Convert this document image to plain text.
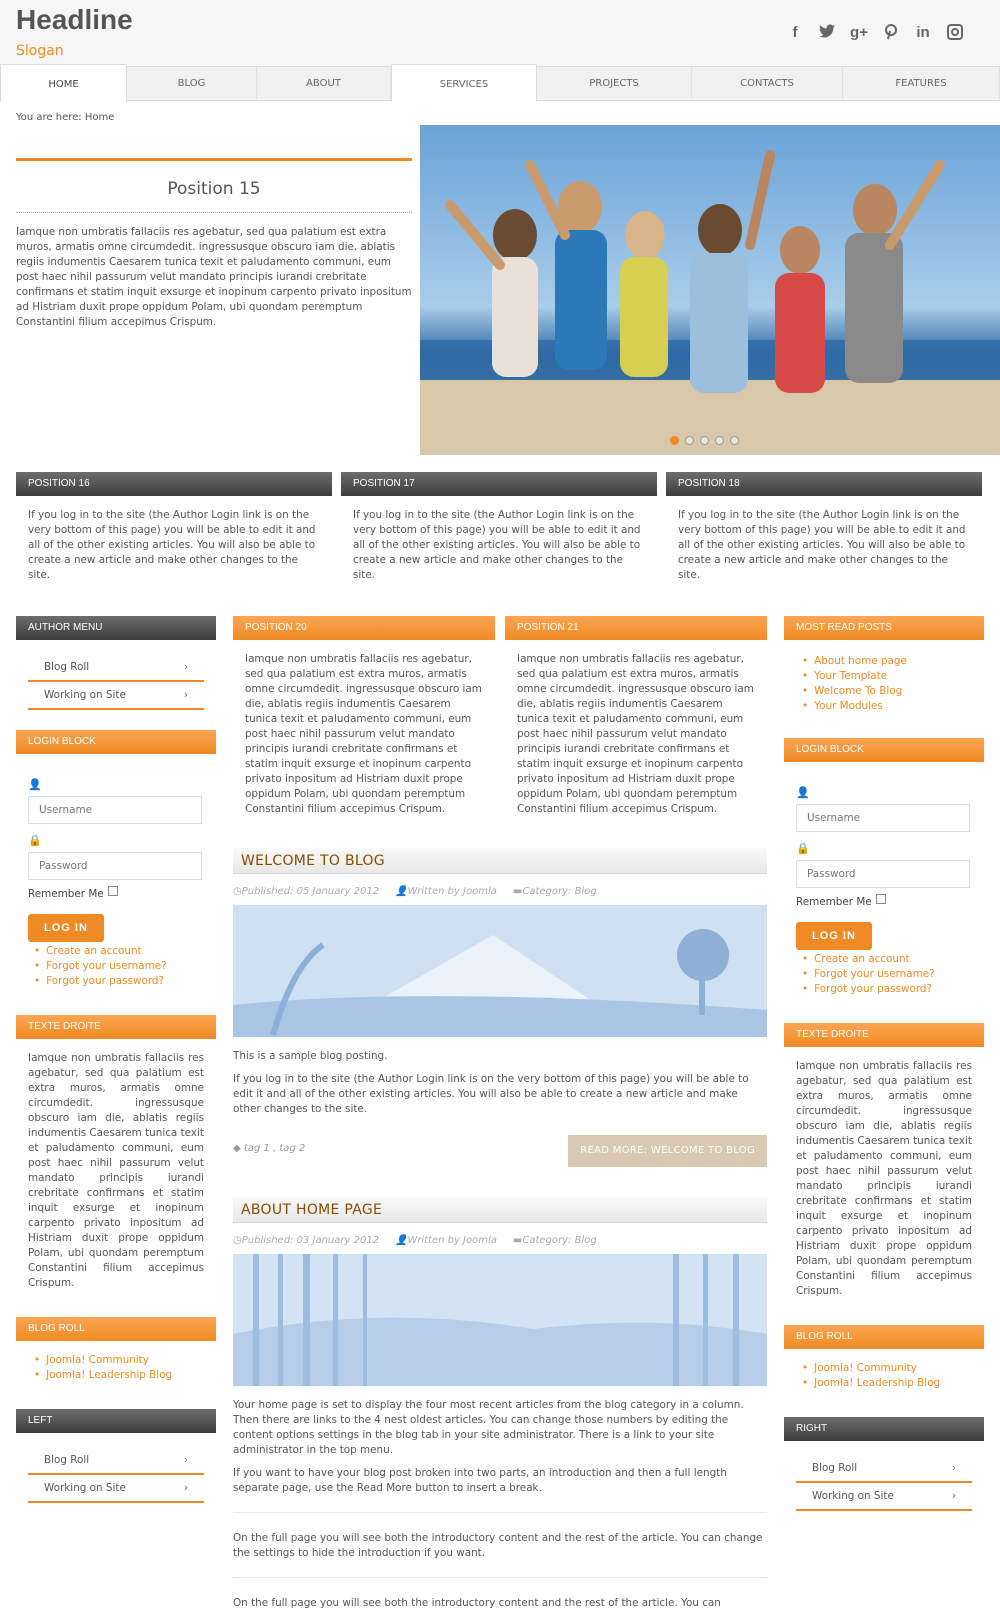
Headline
Slogan
f	g+	in
HOME	BLOG	ABOUT	SERVICES	PROJECTS	CONTACTS	FEATURES
You are here: Home
Position 15

Iamque non umbratis fallaciis res agebatur, sed qua palatium est extra muros, armatis omne circumdedit. ingressusque obscuro iam die, ablatis regiis indumentis Caesarem tunica texit et paludamento communi, eum post haec nihil passurum velut mandato principis iurandi crebritate confirmans et statim inquit exsurge et inopinum carpento privato inpositum ad Histriam duxit prope oppidum Polam, ubi quondam peremptum Constantini filium accepimus Crispum.

POSITION 16

If you log in to the site (the Author Login link is on the very bottom of this page) you will be able to edit it and all of the other existing articles. You will also be able to create a new article and make other changes to the site.

POSITION 17

If you log in to the site (the Author Login link is on the very bottom of this page) you will be able to edit it and all of the other existing articles. You will also be able to create a new article and make other changes to the site.

POSITION 18

If you log in to the site (the Author Login link is on the very bottom of this page) you will be able to edit it and all of the other existing articles. You will also be able to create a new article and make other changes to the site.

AUTHOR MENU
Blog Roll	›
Working on Site	›
LOGIN BLOCK
👤
Username
🔒
Remember Me
LOG IN
• Create an account
• Forgot your username?
• Forgot your password?
TEXTE DROITE
Iamque non umbratis fallaciis res agebatur, sed qua palatium est extra muros, armatis omne circumdedit. ingressusque obscuro iam die, ablatis regiis indumentis Caesarem tunica texit et paludamento communi, eum post haec nihil passurum velut mandato principis iurandi crebritate confirmans et statim inquit exsurge et inopinum carpento privato inpositum ad Histriam duxit prope oppidum Polam, ubi quondam peremptum Constantini filium accepimus Crispum.
BLOG ROLL
• Joomla! Community
• Joomla! Leadership Blog
LEFT
Blog Roll	›
Working on Site	›
POSITION 20

Iamque non umbratis fallaciis res agebatur, sed qua palatium est extra muros, armatis omne circumdedit. ingressusque obscuro iam die, ablatis regiis indumentis Caesarem tunica texit et paludamento communi, eum post haec nihil passurum velut mandato principis iurandi crebritate confirmans et statim inquit exsurge et inopinum carpento privato inpositum ad Histriam duxit prope oppidum Polam, ubi quondam peremptum Constantini filium accepimus Crispum.

POSITION 21

Iamque non umbratis fallaciis res agebatur, sed qua palatium est extra muros, armatis omne circumdedit. ingressusque obscuro iam die, ablatis regiis indumentis Caesarem tunica texit et paludamento communi, eum post haec nihil passurum velut mandato principis iurandi crebritate confirmans et statim inquit exsurge et inopinum carpento privato inpositum ad Histriam duxit prope oppidum Polam, ubi quondam peremptum Constantini filium accepimus Crispum.

WELCOME TO BLOG
◷Published: 05 January 2012 👤Written by Joomla ▬Category: Blog
This is a sample blog posting.
If you log in to the site (the Author Login link is on the very bottom of this page) you will be able to edit it and all of the other existing articles. You will also be able to create a new article and make other changes to the site.
◆ tag 1 , tag 2	READ MORE: WELCOME TO BLOG
ABOUT HOME PAGE
◷Published: 03 January 2012 👤Written by Joomla ▬Category: Blog
Your home page is set to display the four most recent articles from the blog category in a column. Then there are links to the 4 nest oldest articles. You can change those numbers by editing the content options settings in the blog tab in your site administrator. There is a link to your site administrator in the top menu.
If you want to have your blog post broken into two parts, an introduction and then a full length separate page, use the Read More button to insert a break.
On the full page you will see both the introductory content and the rest of the article. You can change the settings to hide the introduction if you want.
On the full page you will see both the introductory content and the rest of the article. You can
MOST READ POSTS
• About home page
• Your Template
• Welcome To Blog
• Your Modules
LOGIN BLOCK
👤
Username
🔒
Remember Me
LOG IN
• Create an account
• Forgot your username?
• Forgot your password?
TEXTE DROITE
Iamque non umbratis fallaciis res agebatur, sed qua palatium est extra muros, armatis omne circumdedit. ingressusque obscuro iam die, ablatis regiis indumentis Caesarem tunica texit et paludamento communi, eum post haec nihil passurum velut mandato principis iurandi crebritate confirmans et statim inquit exsurge et inopinum carpento privato inpositum ad Histriam duxit prope oppidum Polam, ubi quondam peremptum Constantini filium accepimus Crispum.
BLOG ROLL
• Joomla! Community
• Joomla! Leadership Blog
RIGHT
Blog Roll	›
Working on Site	›
